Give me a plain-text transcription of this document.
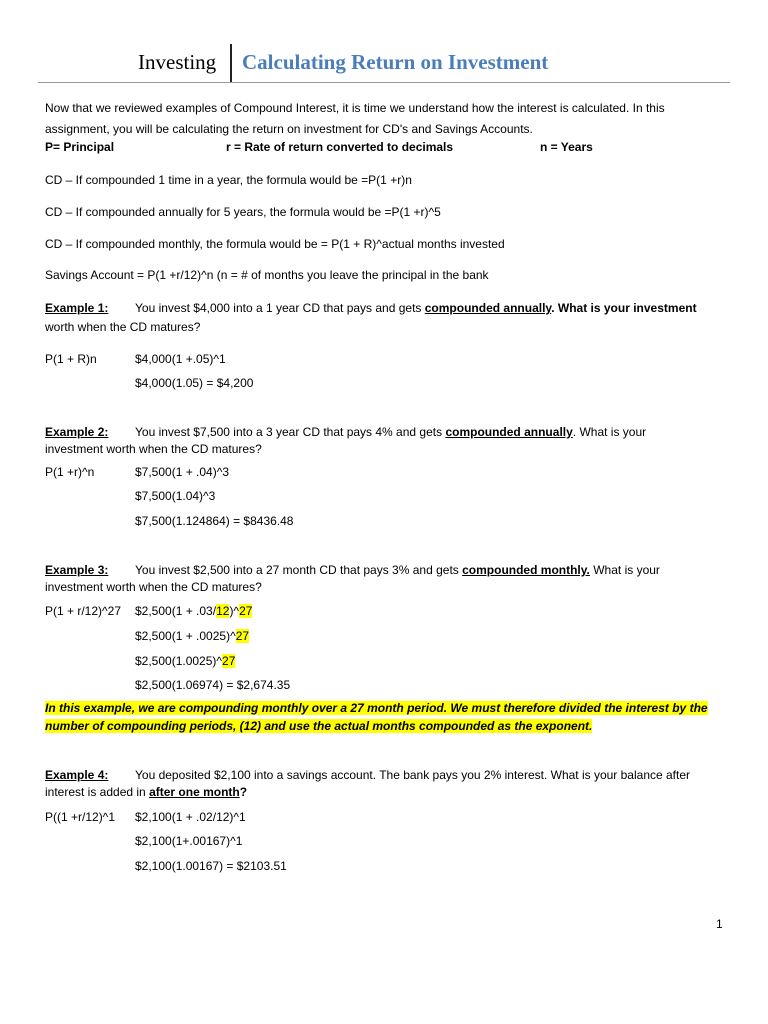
Investing Calculating Return on Investment
Now that we reviewed examples of Compound Interest, it is time we understand how the interest is calculated. In this
assignment, you will be calculating the return on investment for CD's and Savings Accounts.
P= Principal	r = Rate of return converted to decimals	n = Years
CD – If compounded 1 time in a year, the formula would be =P(1 +r)n
CD – If compounded annually for 5 years, the formula would be =P(1 +r)^5
CD – If compounded monthly, the formula would be = P(1 + R)^actual months invested
Savings Account = P(1 +r/12)^n (n = # of months you leave the principal in the bank
Example 1: You invest $4,000 into a 1 year CD that pays and gets compounded annually. What is your investment
worth when the CD matures?
P(1 + R)n	$4,000(1 +.05)^1
$4,000(1.05) = $4,200
Example 2: You invest $7,500 into a 3 year CD that pays 4% and gets compounded annually. What is your
investment worth when the CD matures?
P(1 +r)^n	$7,500(1 + .04)^3
$7,500(1.04)^3
$7,500(1.124864) = $8436.48
Example 3: You invest $2,500 into a 27 month CD that pays 3% and gets compounded monthly. What is your
investment worth when the CD matures?
P(1 + r/12)^27 $2,500(1 + .03/12)^27
$2,500(1 + .0025)^27
$2,500(1.0025)^27
$2,500(1.06974) = $2,674.35
In this example, we are compounding monthly over a 27 month period. We must therefore divided the interest by the
number of compounding periods, (12) and use the actual months compounded as the exponent.
Example 4: You deposited $2,100 into a savings account. The bank pays you 2% interest. What is your balance after
interest is added in after one month?
P((1 +r/12)^1 $2,100(1 + .02/12)^1
$2,100(1+.00167)^1
$2,100(1.00167) = $2103.51
1
